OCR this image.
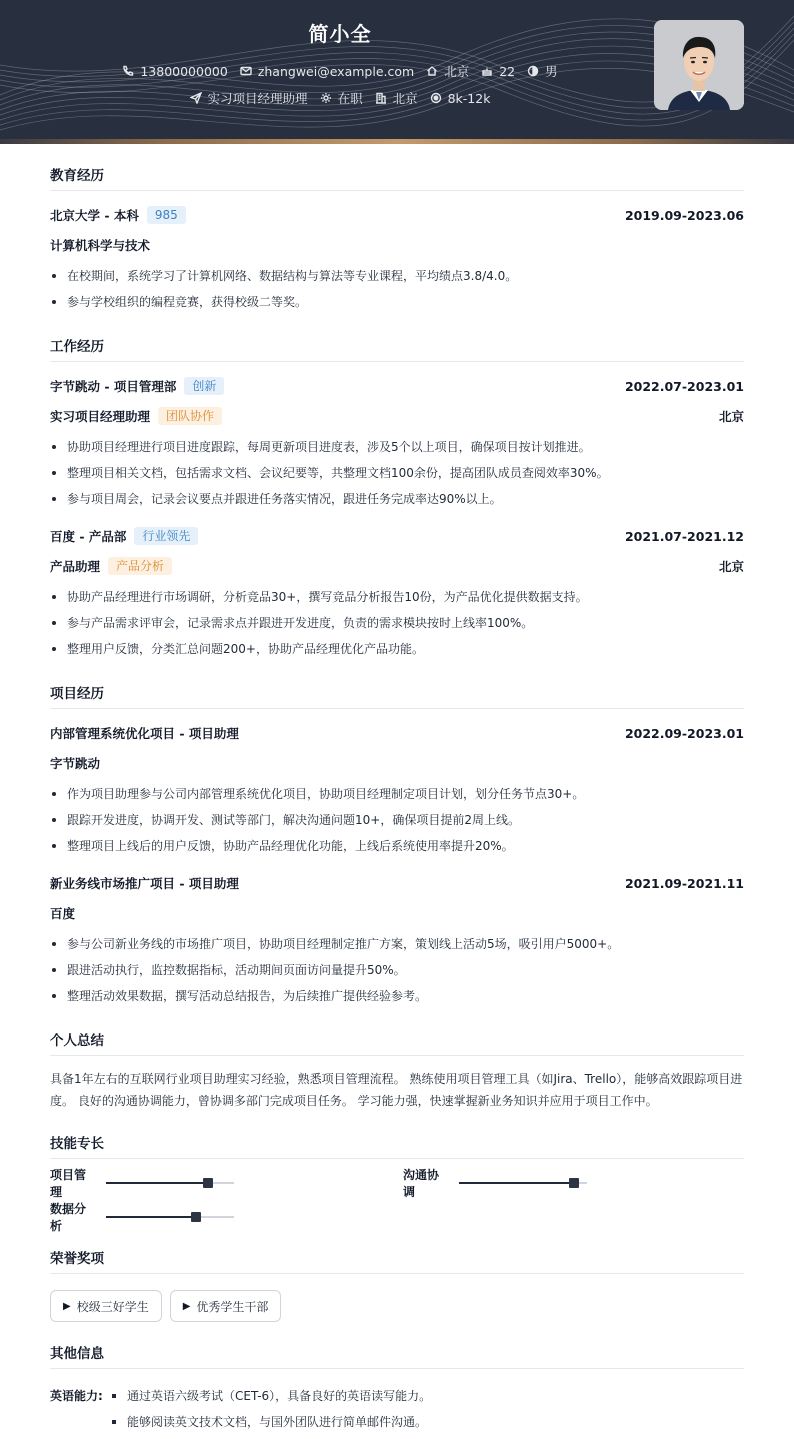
简小全
13800000000 zhangwei@example.com 北京 22 男
实习项目经理助理 在职 北京 8k-12k
教育经历
北京大学 - 本科	985	2019.09-2023.06
计算机科学与技术
在校期间，系统学习了计算机网络、数据结构与算法等专业课程，平均绩点3.8/4.0。
参与学校组织的编程竞赛，获得校级二等奖。
工作经历
字节跳动 - 项目管理部	创新	2022.07-2023.01
实习项目经理助理	团队协作	北京
协助项目经理进行项目进度跟踪，每周更新项目进度表，涉及5个以上项目，确保项目按计划推进。
整理项目相关文档，包括需求文档、会议纪要等，共整理文档100余份，提高团队成员查阅效率30%。
参与项目周会，记录会议要点并跟进任务落实情况，跟进任务完成率达90%以上。
百度 - 产品部	行业领先	2021.07-2021.12
产品助理	产品分析	北京
协助产品经理进行市场调研，分析竞品30+，撰写竞品分析报告10份，为产品优化提供数据支持。
参与产品需求评审会，记录需求点并跟进开发进度，负责的需求模块按时上线率100%。
整理用户反馈，分类汇总问题200+，协助产品经理优化产品功能。
项目经历
内部管理系统优化项目 - 项目助理	2022.09-2023.01
字节跳动
作为项目助理参与公司内部管理系统优化项目，协助项目经理制定项目计划，划分任务节点30+。
跟踪开发进度，协调开发、测试等部门，解决沟通问题10+，确保项目提前2周上线。
整理项目上线后的用户反馈，协助产品经理优化功能，上线后系统使用率提升20%。
新业务线市场推广项目 - 项目助理	2021.09-2021.11
百度
参与公司新业务线的市场推广项目，协助项目经理制定推广方案，策划线上活动5场，吸引用户5000+。
跟进活动执行，监控数据指标，活动期间页面访问量提升50%。
整理活动效果数据，撰写活动总结报告，为后续推广提供经验参考。
个人总结
具备1年左右的互联网行业项目助理实习经验，熟悉项目管理流程。 熟练使用项目管理工具（如Jira、Trello），能够高效跟踪项目进度。 良好的沟通协调能力，曾协调多部门完成项目任务。 学习能力强，快速掌握新业务知识并应用于项目工作中。
技能专长
项目管理
沟通协调
数据分析
荣誉奖项
▶ 校级三好学生	▶ 优秀学生干部
其他信息
英语能力:	通过英语六级考试（CET-6），具备良好的英语读写能力。
能够阅读英文技术文档，与国外团队进行简单邮件沟通。
